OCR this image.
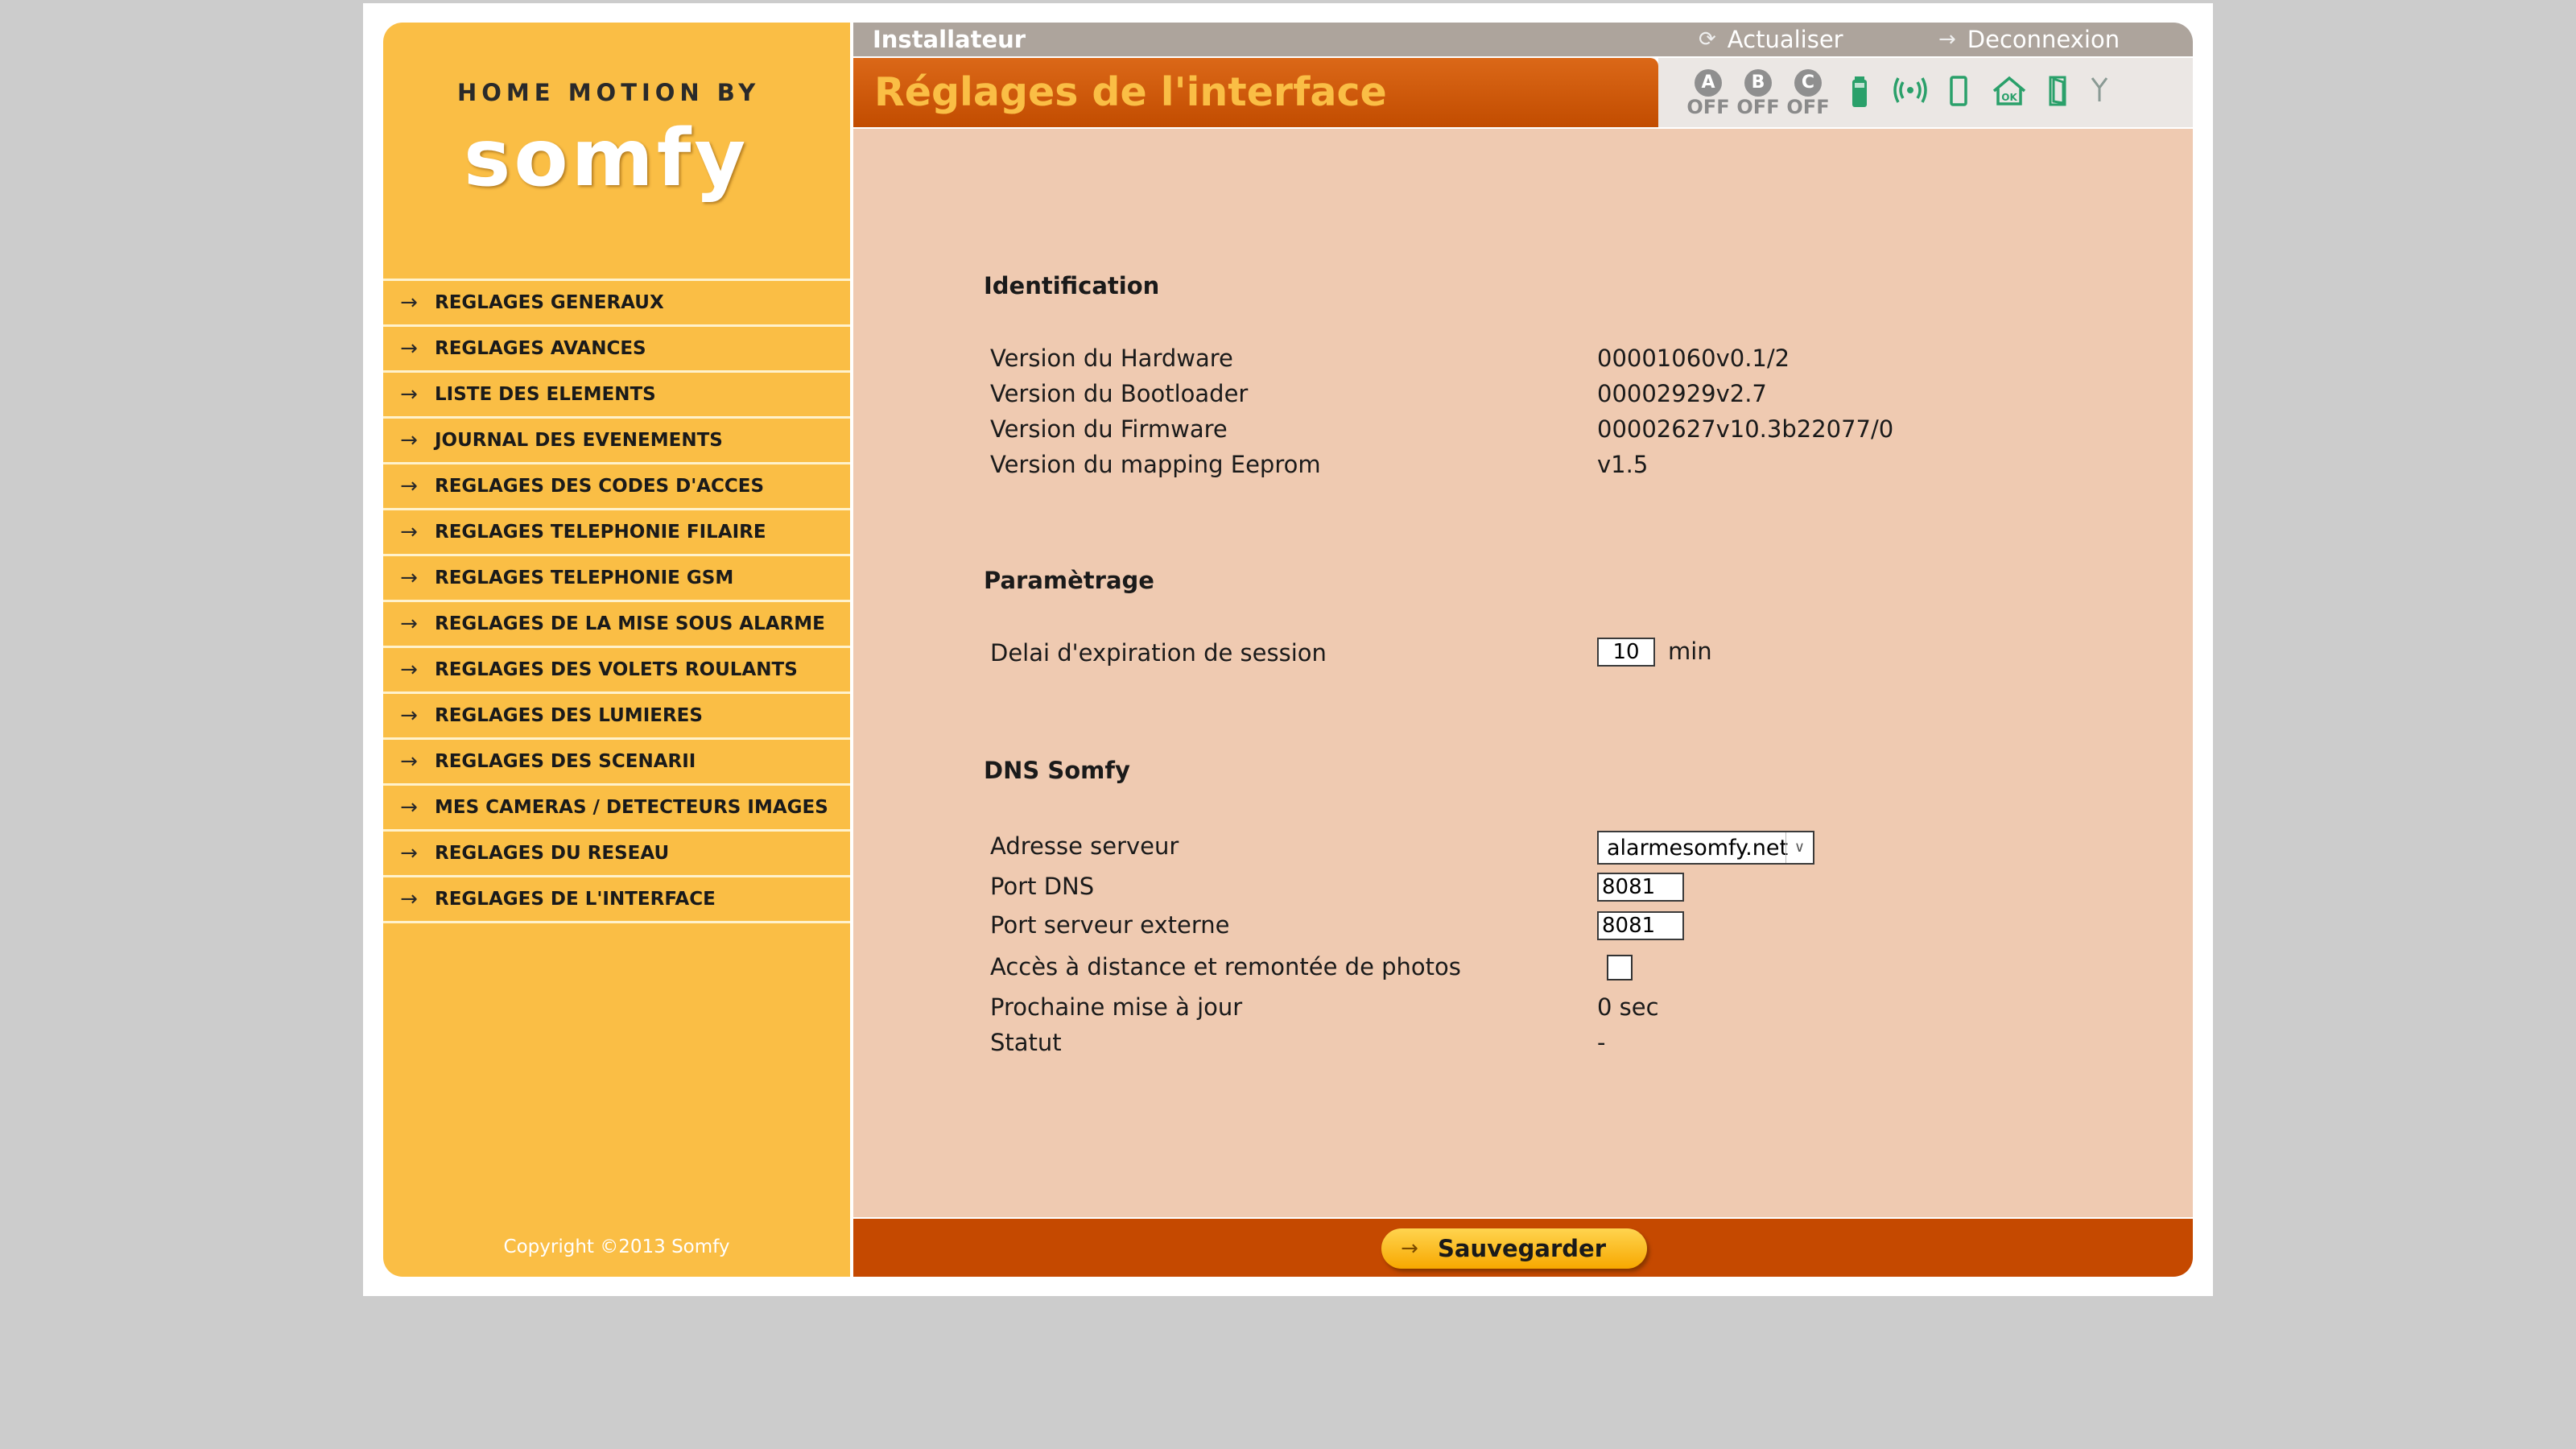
HOME MOTION BY
somfy
→ REGLAGES GENERAUX
→ REGLAGES AVANCES
→ LISTE DES ELEMENTS
→ JOURNAL DES EVENEMENTS
→ REGLAGES DES CODES D'ACCES
→ REGLAGES TELEPHONIE FILAIRE
→ REGLAGES TELEPHONIE GSM
→ REGLAGES DE LA MISE SOUS ALARME
→ REGLAGES DES VOLETS ROULANTS
→ REGLAGES DES LUMIERES
→ REGLAGES DES SCENARII
→ MES CAMERAS / DETECTEURS IMAGES
→ REGLAGES DU RESEAU
→ REGLAGES DE L'INTERFACE
Copyright ©2013 Somfy
Installateur	⟳ Actualiser	→ Deconnexion
Réglages de l'interface	A
OFF
B
OFF
C
OFF	OK
Identification
Version du Hardware	00001060v0.1/2
Version du Bootloader	00002929v2.7
Version du Firmware	00002627v10.3b22077/0
Version du mapping Eeprom	v1.5
Paramètrage
Delai d'expiration de session	10	min
DNS Somfy
Adresse serveur	alarmesomfy.net ∨
Port DNS	8081
Port serveur externe	8081
Accès à distance et remontée de photos
Prochaine mise à jour	0 sec
Statut	-
→ Sauvegarder
